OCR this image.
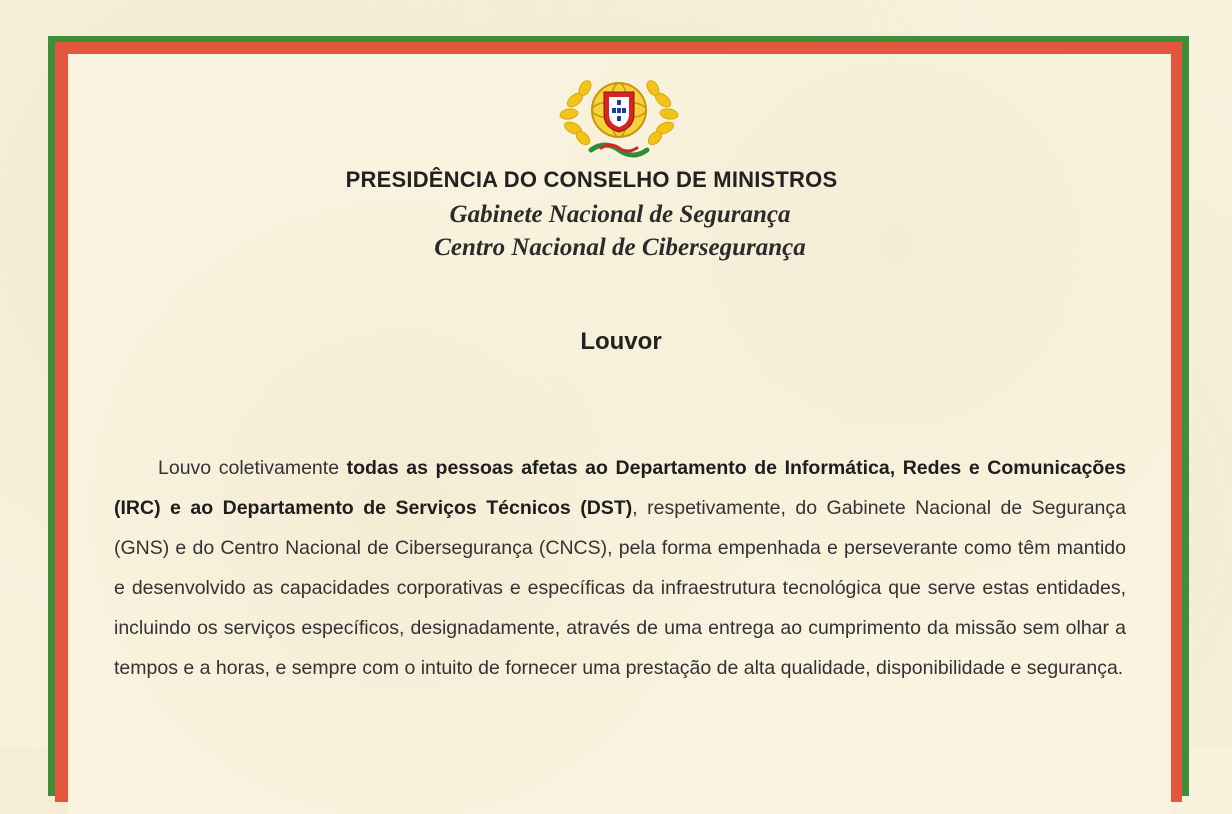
PRESIDÊNCIA DO CONSELHO DE MINISTROS
Gabinete Nacional de Segurança
Centro Nacional de Cibersegurança
Louvor

Louvo coletivamente todas as pessoas afetas ao Departamento de Informática, Redes e Comunicações (IRC) e ao Departamento de Serviços Técnicos (DST), respetivamente, do Gabinete Nacional de Segurança (GNS) e do Centro Nacional de Cibersegurança (CNCS), pela forma empenhada e perseverante como têm mantido e desenvolvido as capacidades corporativas e específicas da infraestrutura tecnológica que serve estas entidades, incluindo os serviços específicos, designadamente, através de uma entrega ao cumprimento da missão sem olhar a tempos e a horas, e sempre com o intuito de fornecer uma prestação de alta qualidade, disponibilidade e segurança.
